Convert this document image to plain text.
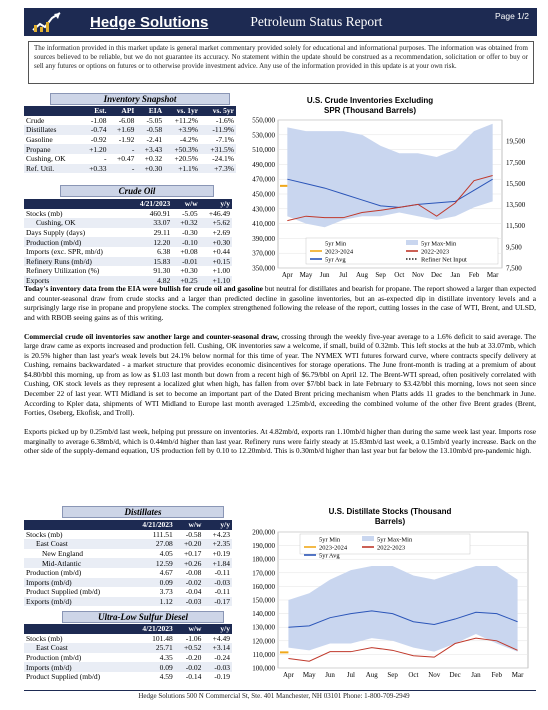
Hedge Solutions	Petroleum Status Report	Page 1/2
The information provided in this market update is general market commentary provided solely for educational and informational purposes. The information was obtained from sources believed to be reliable, but we do not guarantee its accuracy. No statement within the update should be construed as a recommendation, solicitation or offer to buy or sell any futures or options on futures or to otherwise provide investment advice. Any use of the information provided in this update is at your own risk.
Inventory Snapshot
	Est.	API	EIA	vs. 1yr	vs. 5yr
Crude	-1.08	-6.08	-5.05	+11.2%	-1.6%
Distillates	-0.74	+1.69	-0.58	+3.9%	-11.9%
Gasoline	-0.92	-1.92	-2.41	-4.2%	-7.1%
Propane	+1.20	-	+3.43	+50.3%	+31.5%
Cushing, OK	-	+0.47	+0.32	+20.5%	-24.1%
Ref. Util.	+0.33	-	+0.30	+1.1%	+7.3%
Crude Oil
	4/21/2023	w/w	y/y
Stocks (mb)	460.91	-5.05	+46.49
Cushing, OK	33.07	+0.32	+5.62
Days Supply (days)	29.11	-0.30	+2.69
Production (mb/d)	12.20	-0.10	+0.30
Imports (exc. SPR, mb/d)	6.38	+0.08	+0.44
Refinery Runs (mb/d)	15.83	-0.01	+0.15
Refinery Utilization (%)	91.30	+0.30	+1.00
Exports	4.82	+0.25	+1.10
U.S. Crude Inventories Excluding SPR (Thousand Barrels)
350,000
370,000
390,000
410,000
430,000
450,000
470,000
490,000
510,000
530,000
550,000
7,500
9,500
11,500
13,500
15,500
17,500
19,500
Apr May Jun Jul Aug Sep Oct Nov Dec Jan Feb Mar
5yr Min	5yr Max-Min
2023-2024	2022-2023
5yr Avg	Refiner Net Input

Today's inventory data from the EIA were bullish for crude oil and gasoline but neutral for distillates and bearish for propane. The report showed a larger than expected and counter-seasonal draw from crude stocks and a larger than predicted decline in gasoline inventories, but an as-expected dip in distillate inventory levels and a surprisingly large rise in propane and propylene stocks. The complex strengthened following the release of the report, cutting losses in the case of WTI, Brent, and ULSD, and with RBOB seeing gains as of this writing.

Commercial crude oil inventories saw another large and counter-seasonal draw, crossing through the weekly five-year average to a 1.6% deficit to said average. The large draw came as exports increased and production fell. Cushing, OK inventories saw a welcome, if small, build of 0.32mb. This left stocks at the hub at 33.07mb, which is 20.5% higher than last year's weak levels but 24.1% below normal for this time of year. The NYMEX WTI futures forward curve, where contracts specify delivery at Cushing, remains backwardated - a market structure that provides economic disincentives for storage operations. The June front-month is trading at a premium of about $4.80/bbl this morning, up from as low as $1.03 last month but down from a recent high of $6.79/bbl on April 12. The Brent-WTI spread, often positively correlated with Cushing, OK stock levels as they represent a localized glut when high, has fallen from over $7/bbl back in late February to $3.42/bbl this morning, lows not seen since December 22 of last year. WTI Midland is set to become an important part of the Dated Brent pricing mechanism when Platts adds 11 grades to the benchmark in June. According to Kpler data, shipments of WTI Midland to Europe last month averaged 1.25mb/d, exceeding the combined volume of the other five Brent grades (Brent, Forties, Oseberg, Ekofisk, and Troll).

Exports picked up by 0.25mb/d last week, helping put pressure on inventories. At 4.82mb/d, exports ran 1.10mb/d higher than during the same week last year. Imports rose marginally to average 6.38mb/d, which is 0.44mb/d higher than last year. Refinery runs were fairly steady at 15.83mb/d last week, a 0.15mb/d yearly increase. Back on the other side of the supply-demand equation, US production fell by 0.10 to 12.20mb/d. This is 0.30mb/d higher than last year but far below the 13.10mb/d pre-pandemic high.

Distillates
	4/21/2023	w/w	y/y
Stocks (mb)	111.51	-0.58	+4.23
East Coast	27.08	+0.20	+2.35
New England	4.05	+0.17	+0.19
Mid-Atlantic	12.59	+0.26	+1.84
Production (mb/d)	4.67	-0.08	-0.11
Imports (mb/d)	0.09	-0.02	-0.03
Product Supplied (mb/d)	3.73	-0.04	-0.11
Exports (mb/d)	1.12	-0.03	-0.17
Ultra-Low Sulfur Diesel
	4/21/2023	w/w	y/y
Stocks (mb)	101.48	-1.06	+4.49
East Coast	25.71	+0.52	+3.14
Production (mb/d)	4.35	-0.20	-0.24
Imports (mb/d)	0.09	-0.02	-0.03
Product Supplied (mb/d)	4.59	-0.14	-0.19
U.S. Distillate Stocks (Thousand Barrels)
100,000
110,000
120,000
130,000
140,000
150,000
160,000
170,000
180,000
190,000
200,000
Apr May Jun Jul Aug Sep Oct Nov Dec Jan Feb Mar
5yr Min	5yr Max-Min
2023-2024	2022-2023
5yr Avg
Hedge Solutions 500 N Commercial St, Ste. 401 Manchester, NH 03101 Phone: 1-800-709-2949
